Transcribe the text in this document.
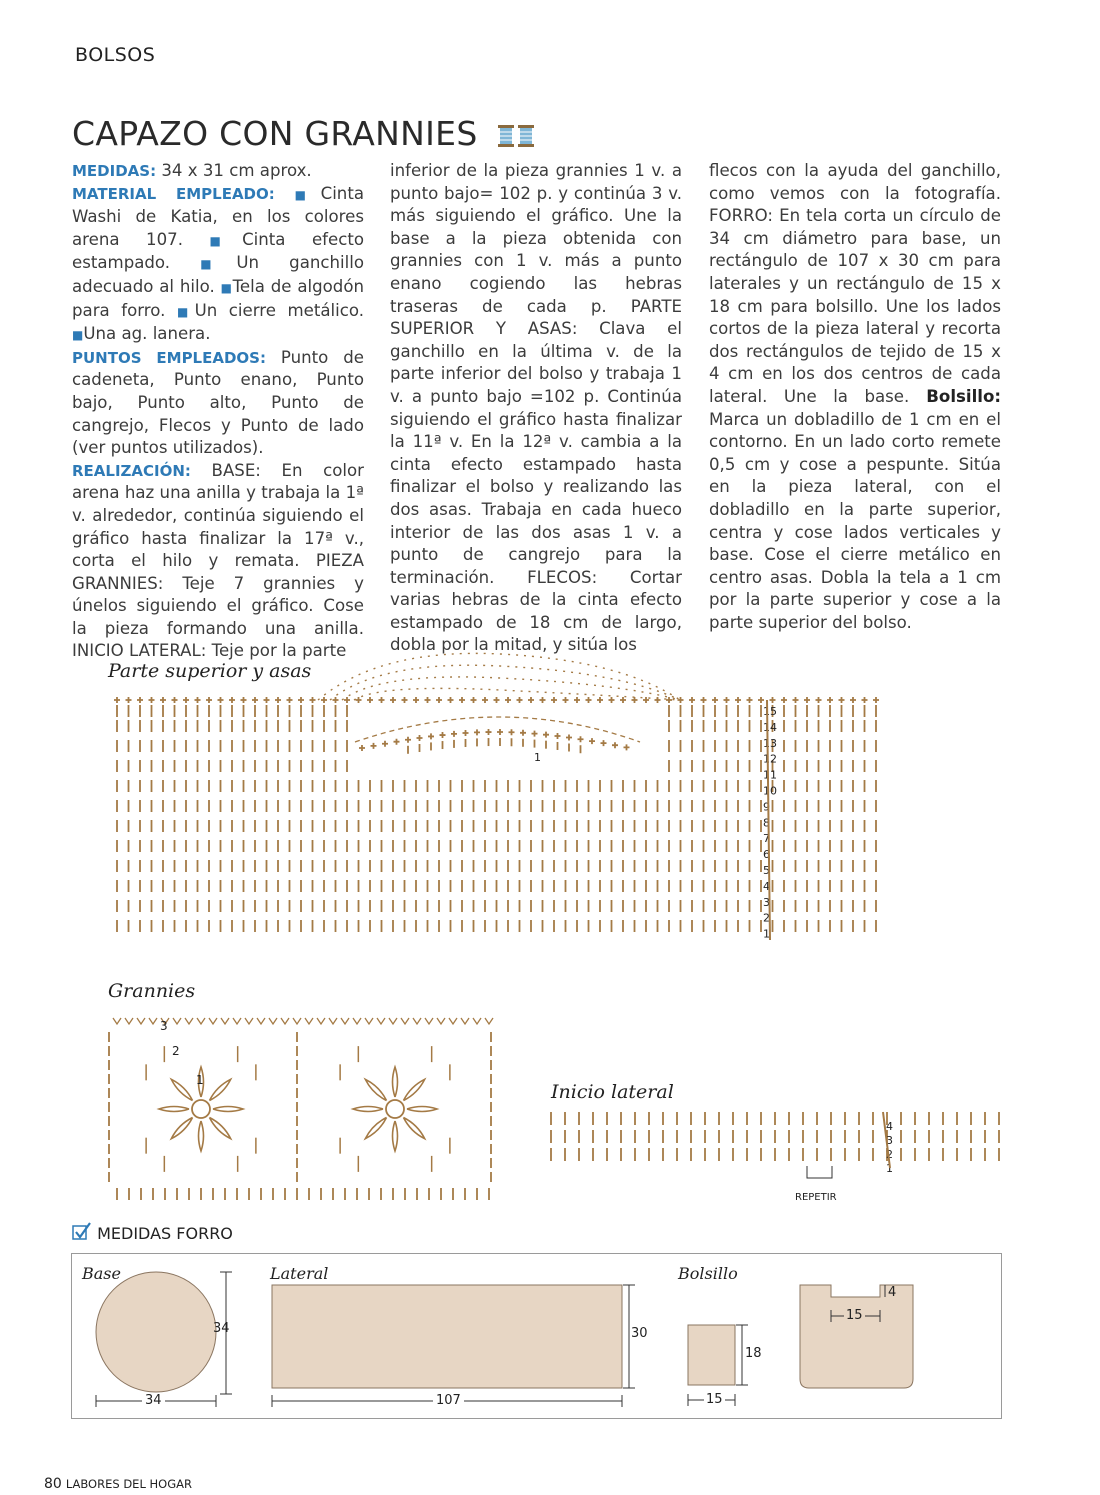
BOLSOS
CAPAZO CON GRANNIES

MEDIDAS: 34 x 31 cm aprox.
MATERIAL EMPLEADO: ■Cinta Washi de Katia, en los colores arena 107. ■Cinta efecto estampado.	■Un ganchillo adecuado al hilo. ■Tela de algodón para forro. ■Un cierre metálico. ■Una ag. lanera.
PUNTOS EMPLEADOS: Punto de cadeneta, Punto enano, Punto bajo, Punto alto, Punto de cangrejo, Flecos y Punto de lado (ver puntos utilizados).
REALIZACIÓN: BASE: En color arena haz una anilla y trabaja la 1ª v. alrededor, continúa siguiendo el gráfico hasta finalizar la 17ª v., corta el hilo y remata. PIEZA GRANNIES: Teje 7 grannies y únelos siguiendo el gráfico. Cose la pieza formando una anilla. INICIO LATERAL: Teje por la parte

inferior de la pieza grannies 1 v. a punto bajo= 102 p. y continúa 3 v. más siguiendo el gráfico. Une la base a la pieza obtenida con grannies con 1 v. más a punto enano cogiendo las hebras traseras de cada p. PARTE SUPERIOR Y ASAS: Clava el ganchillo en la última v. de la parte inferior del bolso y trabaja 1 v. a punto bajo =102 p. Continúa siguiendo el gráfico hasta finalizar la 11ª v. En la 12ª v. cambia a la cinta efecto estampado hasta finalizar el bolso y realizando las dos asas. Trabaja en cada hueco interior de las dos asas 1 v. a punto de cangrejo para la terminación. FLECOS: Cortar varias hebras de la cinta efecto estampado de 18 cm de largo, dobla por la mitad, y sitúa los

flecos con la ayuda del ganchillo, como vemos con la fotografía. FORRO: En tela corta un círculo de 34 cm diámetro para base, un rectángulo de 107 x 30 cm para laterales y un rectángulo de 15 x 18 cm para bolsillo. Une los lados cortos de la pieza lateral y recorta dos rectángulos de tejido de 15 x 4 cm en los dos centros de cada lateral. Une la base. Bolsillo: Marca un dobladillo de 1 cm en el contorno. En un lado corto remete 0,5 cm y cose a pespunte. Sitúa en la pieza lateral, con el dobladillo en la parte superior, centra y cose lados verticales y base. Cose el cierre metálico en centro asas. Dobla la tela a 1 cm por la parte superior y cose a la parte superior del bolso.

Parte superior y asas
1
15
14
13
12
11
10
9
8
7
6
5
4
3
2
1
Grannies
3
2
1
Inicio lateral
4
3
2
1
REPETIR
MEDIDAS FORRO
Base	Lateral	Bolsillo
34
34
30
107
18
15
15
4
80 LABORES DEL HOGAR
